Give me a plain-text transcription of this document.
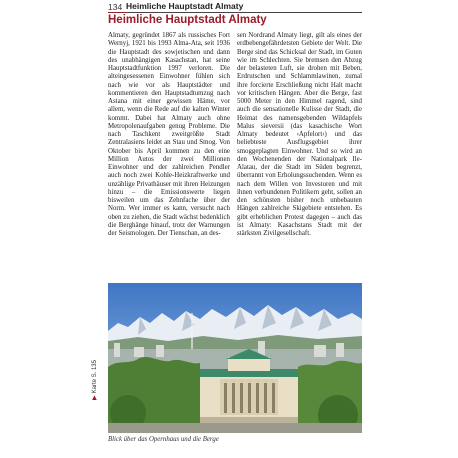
134 Heimliche Hauptstadt Almaty
Heimliche Hauptstadt Almaty

Almaty, gegründet 1867 als russisches Fort Wernyj, 1921 bis 1993 Alma-Ata, seit 1936 die Hauptstadt des sowjetischen und dann des unabhängigen Kasachstan, hat seine Hauptstadtfunktion 1997 verloren. Die alteingesessenen Einwohner fühlen sich nach wie vor als Hauptstädter und kommentieren den Hauptstadtumzug nach Astana mit einer gewissen Häme, vor allem, wenn die Rede auf die kalten Winter kommt. Dabei hat Almaty auch ohne Metropolenaufgaben genug Probleme. Die nach Taschkent zweitgrößte Stadt Zentralasiens leidet an Stau und Smog. Von Oktober bis April kommen zu den eine Million Autos der zwei Millionen Einwohner und der zahlreichen Pendler auch noch zwei Kohle-Heizkraftwerke und unzählige Privathäuser mit ihren Heizungen hinzu – die Emissionswerte liegen bisweilen um das Zehnfache über der Norm. Wer immer es kann, versucht nach oben zu ziehen, die Stadt wächst bedenklich die Berghänge hinauf, trotz der Warnungen der Seismologen. Der Tienschan, an des-

sen Nordrand Almaty liegt, gilt als eines der erdbebengefährdetsten Gebiete der Welt. Die Berge sind das Schicksal der Stadt, im Guten wie im Schlechten. Sie bremsen den Abzug der belasteten Luft, sie drohen mit Beben, Erdrutschen und Schlammlawinen, zumal ihre forcierte Erschließung nicht Halt macht vor kritischen Hängen. Aber die Berge, fast 5000 Meter in den Himmel ragend, sind auch die sensationelle Kulisse der Stadt, die Heimat des namensgebenden Wildapfels Malus sieversii (das kasachische Wort Almaty bedeutet ›Apfelort‹) und das beliebteste Ausflugsgebiet ihrer smoggeplagten Einwohner. Und so wird an den Wochenenden der Nationalpark Ile-Alatau, der die Stadt im Süden begrenzt, überrannt von Erholungssuchenden. Wenn es nach dem Willen von Investoren und mit ihnen verbundenen Politikern geht, sollen an den schönsten bisher noch unbebauten Hängen zahlreiche Skigebiete entstehen. Es gibt erheblichen Protest dagegen – auch das ist Almaty: Kasachstans Stadt mit der stärksten Zivilgesellschaft.

Blick über das Opernhaus und die Berge
▶Karte S. 135
